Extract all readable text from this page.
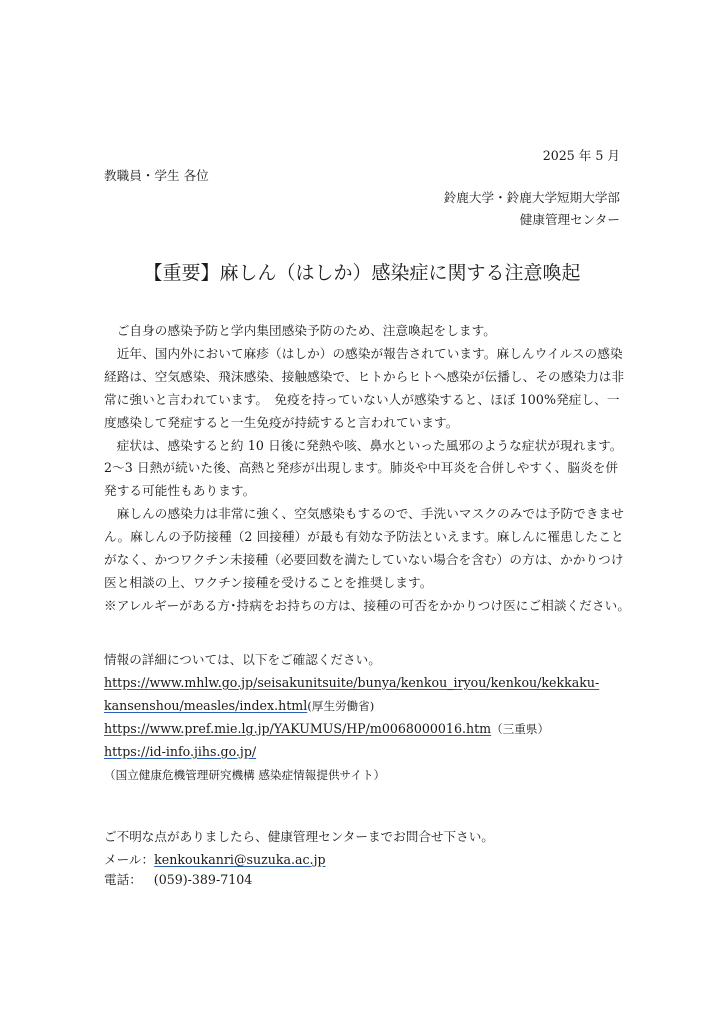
2025 年 5 月
教職員・学生 各位
鈴鹿大学・鈴鹿大学短期大学部
健康管理センター
【重要】麻しん（はしか）感染症に関する注意喚起
　ご自身の感染予防と学内集団感染予防のため、注意喚起をします。
　近年、国内外において麻疹（はしか）の感染が報告されています。麻しんウイルスの感染
経路は、空気感染、飛沫感染、接触感染で、ヒトからヒトへ感染が伝播し、その感染力は非
常に強いと言われています。　免疫を持っていない人が感染すると、ほぼ 100%発症し、一
度感染して発症すると一生免疫が持続すると言われています。
　症状は、感染すると約 10 日後に発熱や咳、鼻水といった風邪のような症状が現れます。
2～3 日熱が続いた後、高熱と発疹が出現します。肺炎や中耳炎を合併しやすく、脳炎を併
発する可能性もあります。
　麻しんの感染力は非常に強く、空気感染もするので、手洗いマスクのみでは予防できませ
ん。麻しんの予防接種（2 回接種）が最も有効な予防法といえます。麻しんに罹患したこと
がなく、かつワクチン未接種（必要回数を満たしていない場合を含む）の方は、かかりつけ
医と相談の上、ワクチン接種を受けることを推奨します。
※アレルギーがある方･持病をお持ちの方は、接種の可否をかかりつけ医にご相談ください。
情報の詳細については、以下をご確認ください。
https://www.mhlw.go.jp/seisakunitsuite/bunya/kenkou_iryou/kenkou/kekkaku-
kansenshou/measles/index.html(厚生労働省)
https://www.pref.mie.lg.jp/YAKUMUS/HP/m0068000016.htm（三重県）
https://id-info.jihs.go.jp/
（国立健康危機管理研究機構 感染症情報提供サイト）
ご不明な点がありましたら、健康管理センターまでお問合せ下さい。
メール：kenkoukanri@suzuka.ac.jp
電話： (059)-389-7104
